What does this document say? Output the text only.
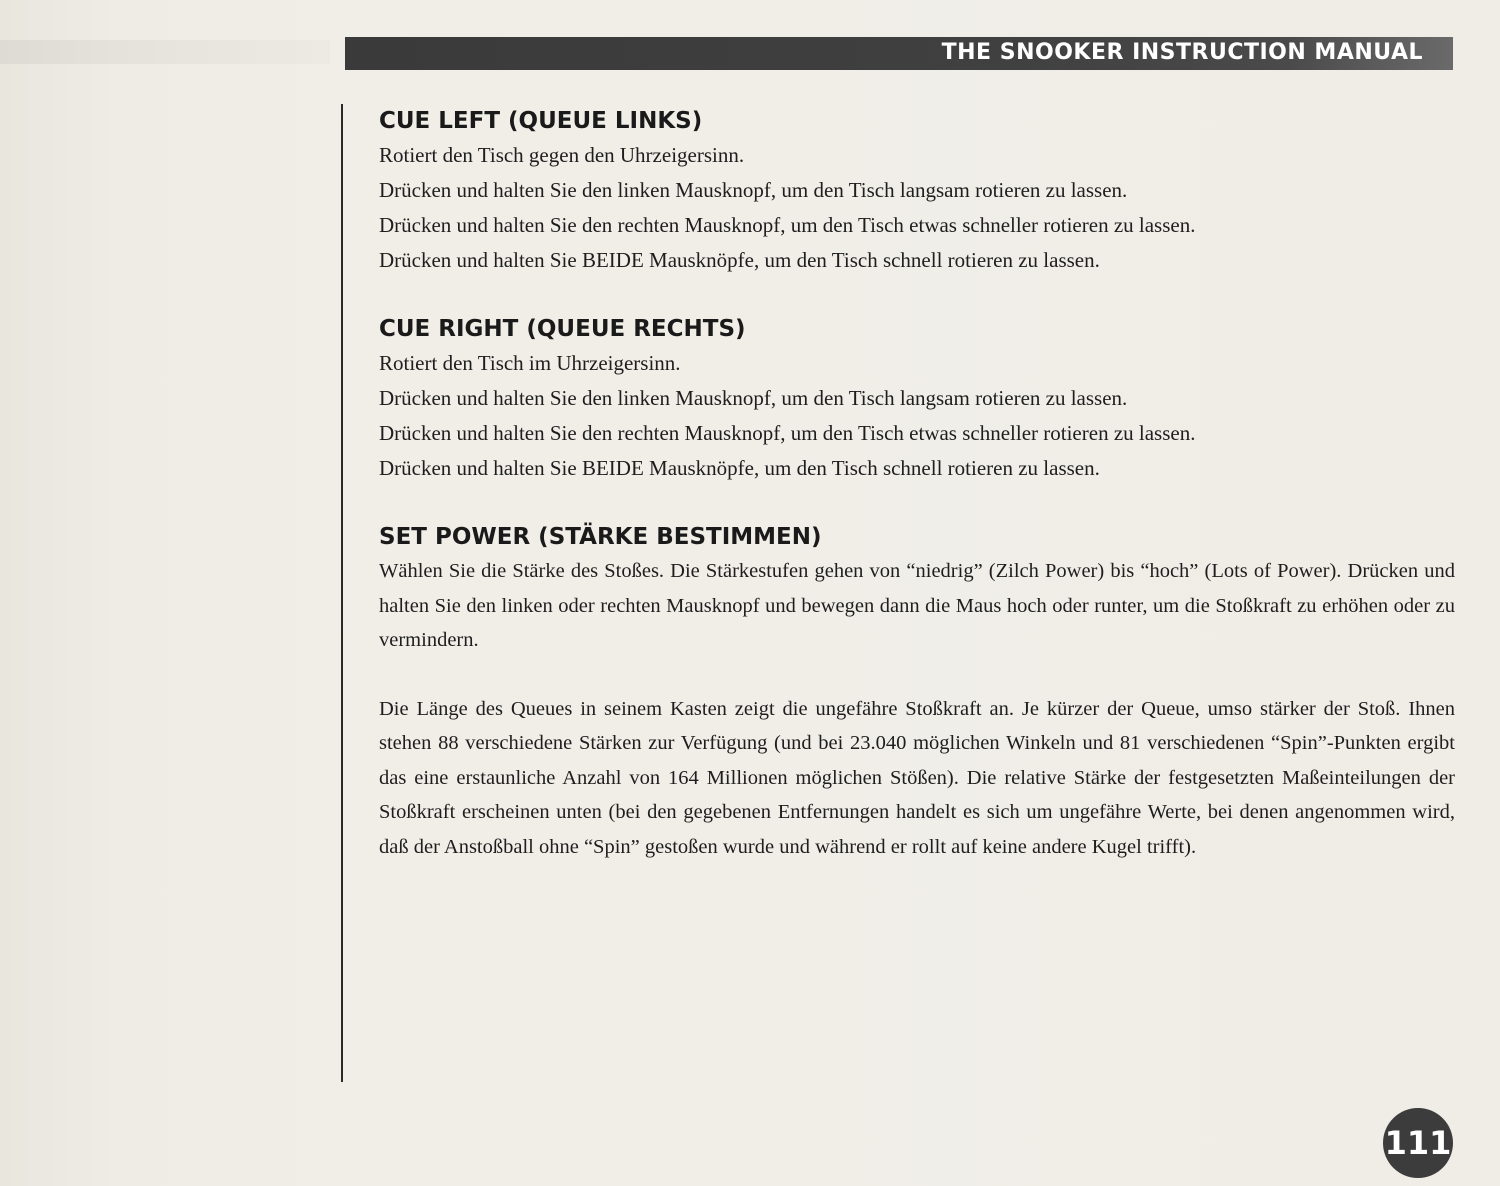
THE SNOOKER INSTRUCTION MANUAL
CUE LEFT (QUEUE LINKS)

Rotiert den Tisch gegen den Uhrzeigersinn.

Drücken und halten Sie den linken Mausknopf, um den Tisch langsam rotieren zu lassen.

Drücken und halten Sie den rechten Mausknopf, um den Tisch etwas schneller rotieren zu lassen.

Drücken und halten Sie BEIDE Mausknöpfe, um den Tisch schnell rotieren zu lassen.

CUE RIGHT (QUEUE RECHTS)

Rotiert den Tisch im Uhrzeigersinn.

Drücken und halten Sie den linken Mausknopf, um den Tisch langsam rotieren zu lassen.

Drücken und halten Sie den rechten Mausknopf, um den Tisch etwas schneller rotieren zu lassen.

Drücken und halten Sie BEIDE Mausknöpfe, um den Tisch schnell rotieren zu lassen.

SET POWER (STÄRKE BESTIMMEN)

Wählen Sie die Stärke des Stoßes. Die Stärkestufen gehen von “niedrig” (Zilch Power) bis “hoch” (Lots of Power). Drücken und halten Sie den linken oder rechten Mausknopf und bewegen dann die Maus hoch oder runter, um die Stoßkraft zu erhöhen oder zu vermindern.

Die Länge des Queues in seinem Kasten zeigt die ungefähre Stoßkraft an. Je kürzer der Queue, umso stärker der Stoß. Ihnen stehen 88 verschiedene Stärken zur Verfügung (und bei 23.040 möglichen Winkeln und 81 verschiedenen “Spin”-Punkten ergibt das eine erstaunliche Anzahl von 164 Millionen möglichen Stößen). Die relative Stärke der festgesetzten Maßeinteilungen der Stoßkraft erscheinen unten (bei den gegebenen Entfernungen handelt es sich um ungefähre Werte, bei denen angenommen wird, daß der Anstoßball ohne “Spin” gestoßen wurde und während er rollt auf keine andere Kugel trifft).

111
